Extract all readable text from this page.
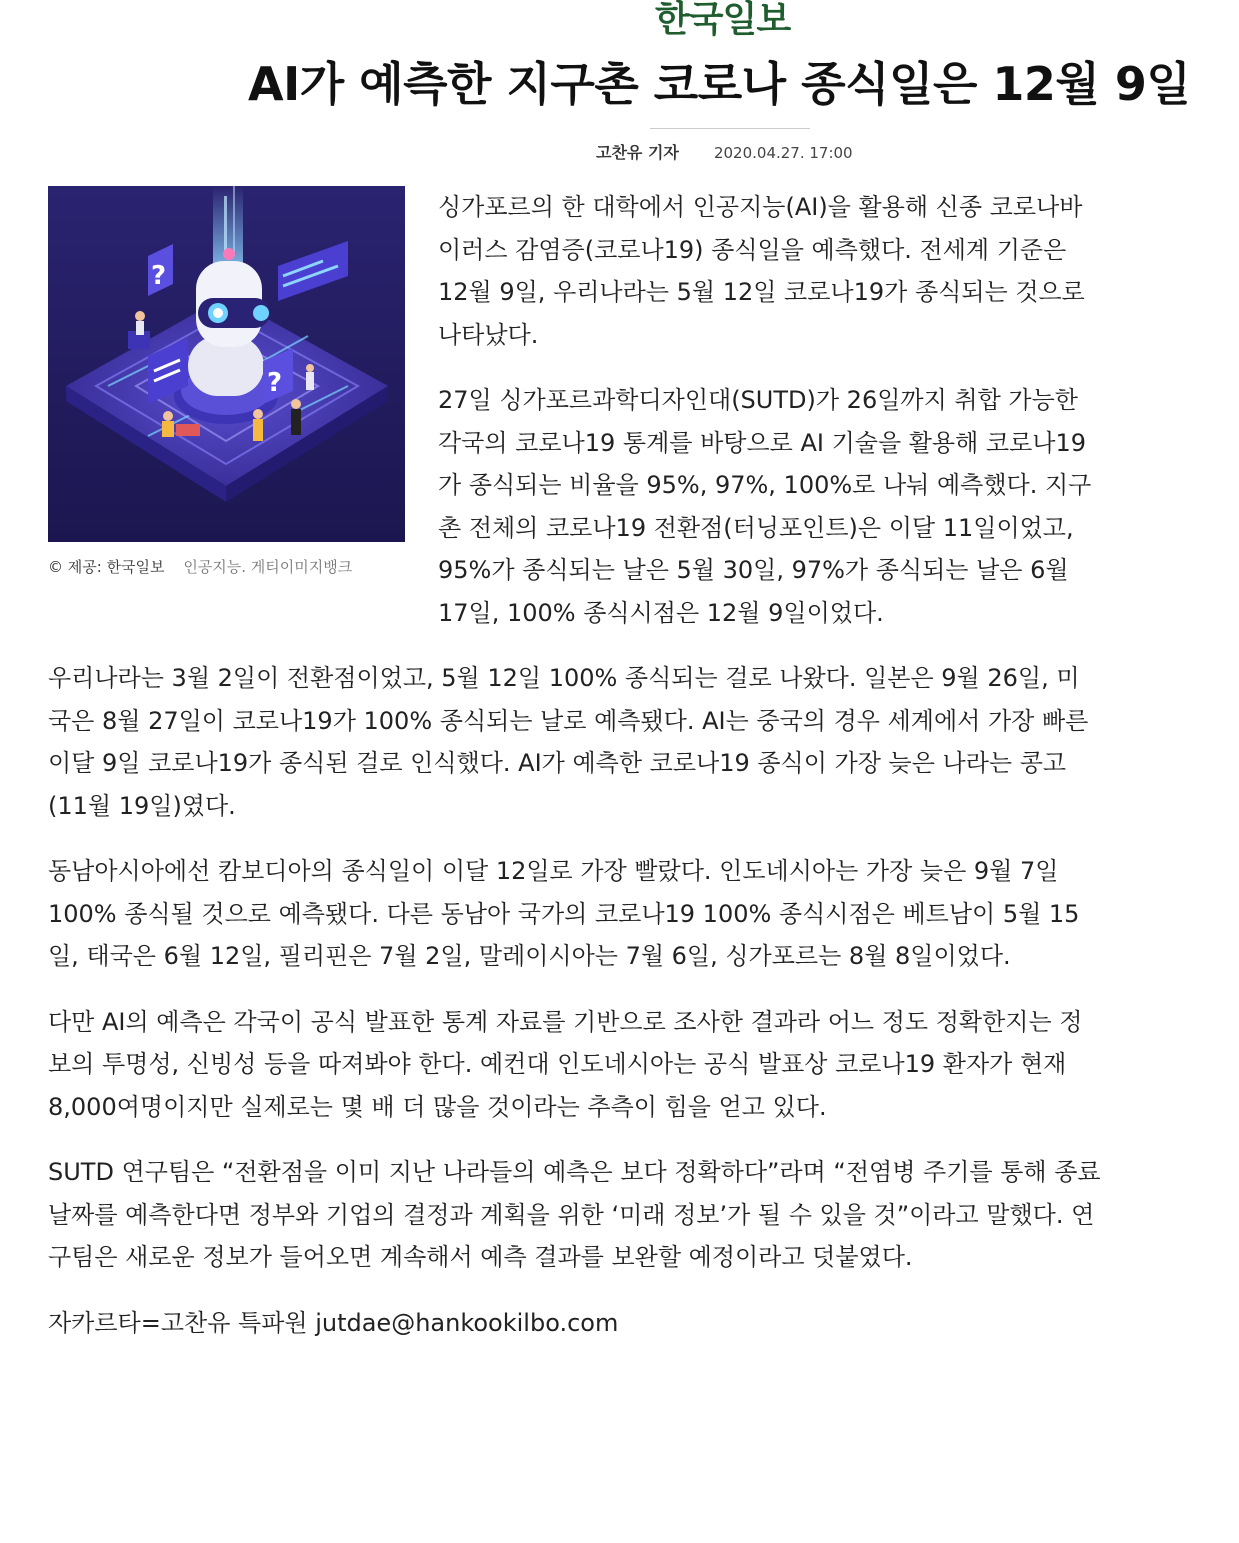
한국일보
AI가 예측한 지구촌 코로나 종식일은 12월 9일
고찬유 기자 2020.04.27. 17:00
?
?
© 제공: 한국일보 인공지능. 게티이미지뱅크

싱가포르의 한 대학에서 인공지능(AI)을 활용해 신종 코로나바이러스 감염증(코로나19) 종식일을 예측했다. 전세계 기준은 12월 9일, 우리나라는 5월 12일 코로나19가 종식되는 것으로 나타났다.

27일 싱가포르과학디자인대(SUTD)가 26일까지 취합 가능한 각국의 코로나19 통계를 바탕으로 AI 기술을 활용해 코로나19가 종식되는 비율을 95%, 97%, 100%로 나눠 예측했다. 지구촌 전체의 코로나19 전환점(터닝포인트)은 이달 11일이었고, 95%가 종식되는 날은 5월 30일, 97%가 종식되는 날은 6월 17일, 100% 종식시점은 12월 9일이었다.

우리나라는 3월 2일이 전환점이었고, 5월 12일 100% 종식되는 걸로 나왔다. 일본은 9월 26일, 미국은 8월 27일이 코로나19가 100% 종식되는 날로 예측됐다. AI는 중국의 경우 세계에서 가장 빠른 이달 9일 코로나19가 종식된 걸로 인식했다. AI가 예측한 코로나19 종식이 가장 늦은 나라는 콩고(11월 19일)였다.

동남아시아에선 캄보디아의 종식일이 이달 12일로 가장 빨랐다. 인도네시아는 가장 늦은 9월 7일 100% 종식될 것으로 예측됐다. 다른 동남아 국가의 코로나19 100% 종식시점은 베트남이 5월 15일, 태국은 6월 12일, 필리핀은 7월 2일, 말레이시아는 7월 6일, 싱가포르는 8월 8일이었다.

다만 AI의 예측은 각국이 공식 발표한 통계 자료를 기반으로 조사한 결과라 어느 정도 정확한지는 정보의 투명성, 신빙성 등을 따져봐야 한다. 예컨대 인도네시아는 공식 발표상 코로나19 환자가 현재 8,000여명이지만 실제로는 몇 배 더 많을 것이라는 추측이 힘을 얻고 있다.

SUTD 연구팀은 “전환점을 이미 지난 나라들의 예측은 보다 정확하다”라며 “전염병 주기를 통해 종료 날짜를 예측한다면 정부와 기업의 결정과 계획을 위한 ‘미래 정보’가 될 수 있을 것”이라고 말했다. 연구팀은 새로운 정보가 들어오면 계속해서 예측 결과를 보완할 예정이라고 덧붙였다.

자카르타=고찬유 특파원 jutdae@hankookilbo.com
